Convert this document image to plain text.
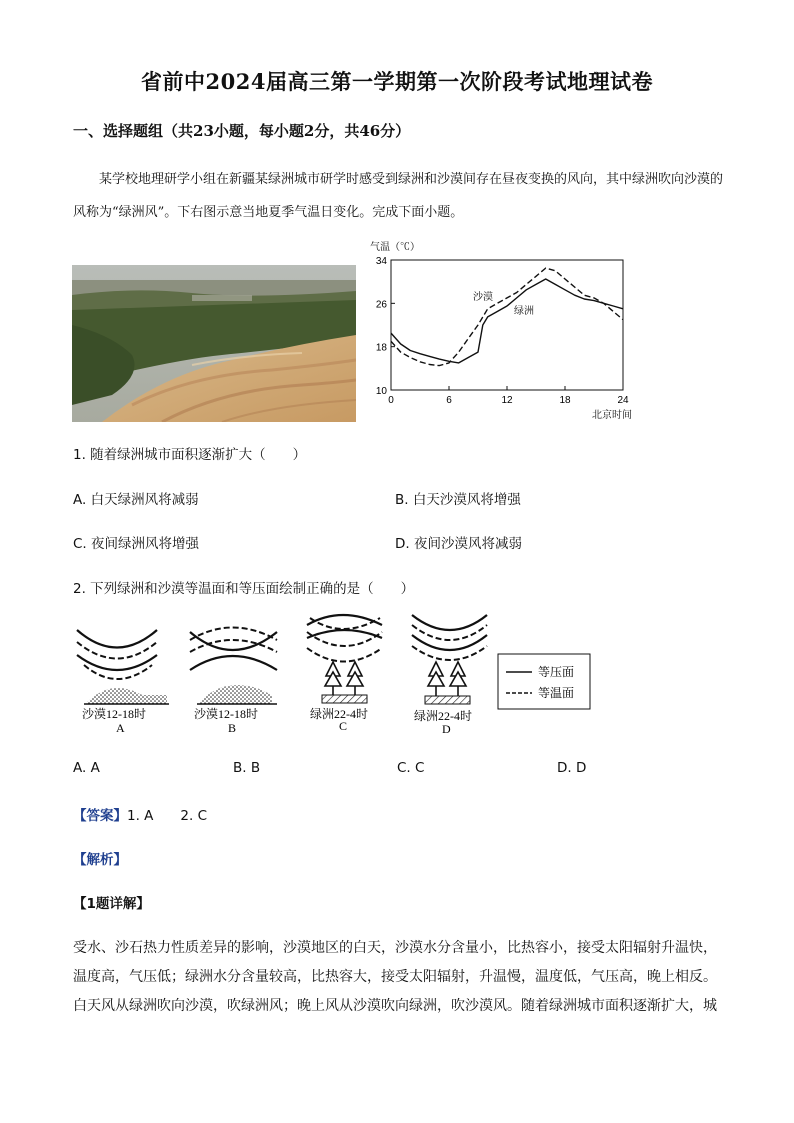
省前中2024届高三第一学期第一次阶段考试地理试卷
一、选择题组（共23小题，每小题2分，共46分）
某学校地理研学小组在新疆某绿洲城市研学时感受到绿洲和沙漠间存在昼夜变换的风向，其中绿洲吹向沙漠的风称为“绿洲风”。下右图示意当地夏季气温日变化。完成下面小题。
气温（℃）
北京时间
10
18
26
34
0	6	12	18	24
沙漠
绿洲
1. 随着绿洲城市面积逐渐扩大（　　）
A. 白天绿洲风将减弱	B. 白天沙漠风将增强
C. 夜间绿洲风将增强	D. 夜间沙漠风将减弱
2. 下列绿洲和沙漠等温面和等压面绘制正确的是（　　）
沙漠12-18时
A
沙漠12-18时
B
绿洲22-4时
C
绿洲22-4时
D
等压面
等温面
A. A	B. B	C. C	D. D
【答案】1. A　　2. C
【解析】
【1题详解】
受水、沙石热力性质差异的影响，沙漠地区的白天，沙漠水分含量小，比热容小，接受太阳辐射升温快，温度高，气压低；绿洲水分含量较高，比热容大，接受太阳辐射，升温慢，温度低，气压高，晚上相反。白天风从绿洲吹向沙漠，吹绿洲风；晚上风从沙漠吹向绿洲，吹沙漠风。随着绿洲城市面积逐渐扩大，城
